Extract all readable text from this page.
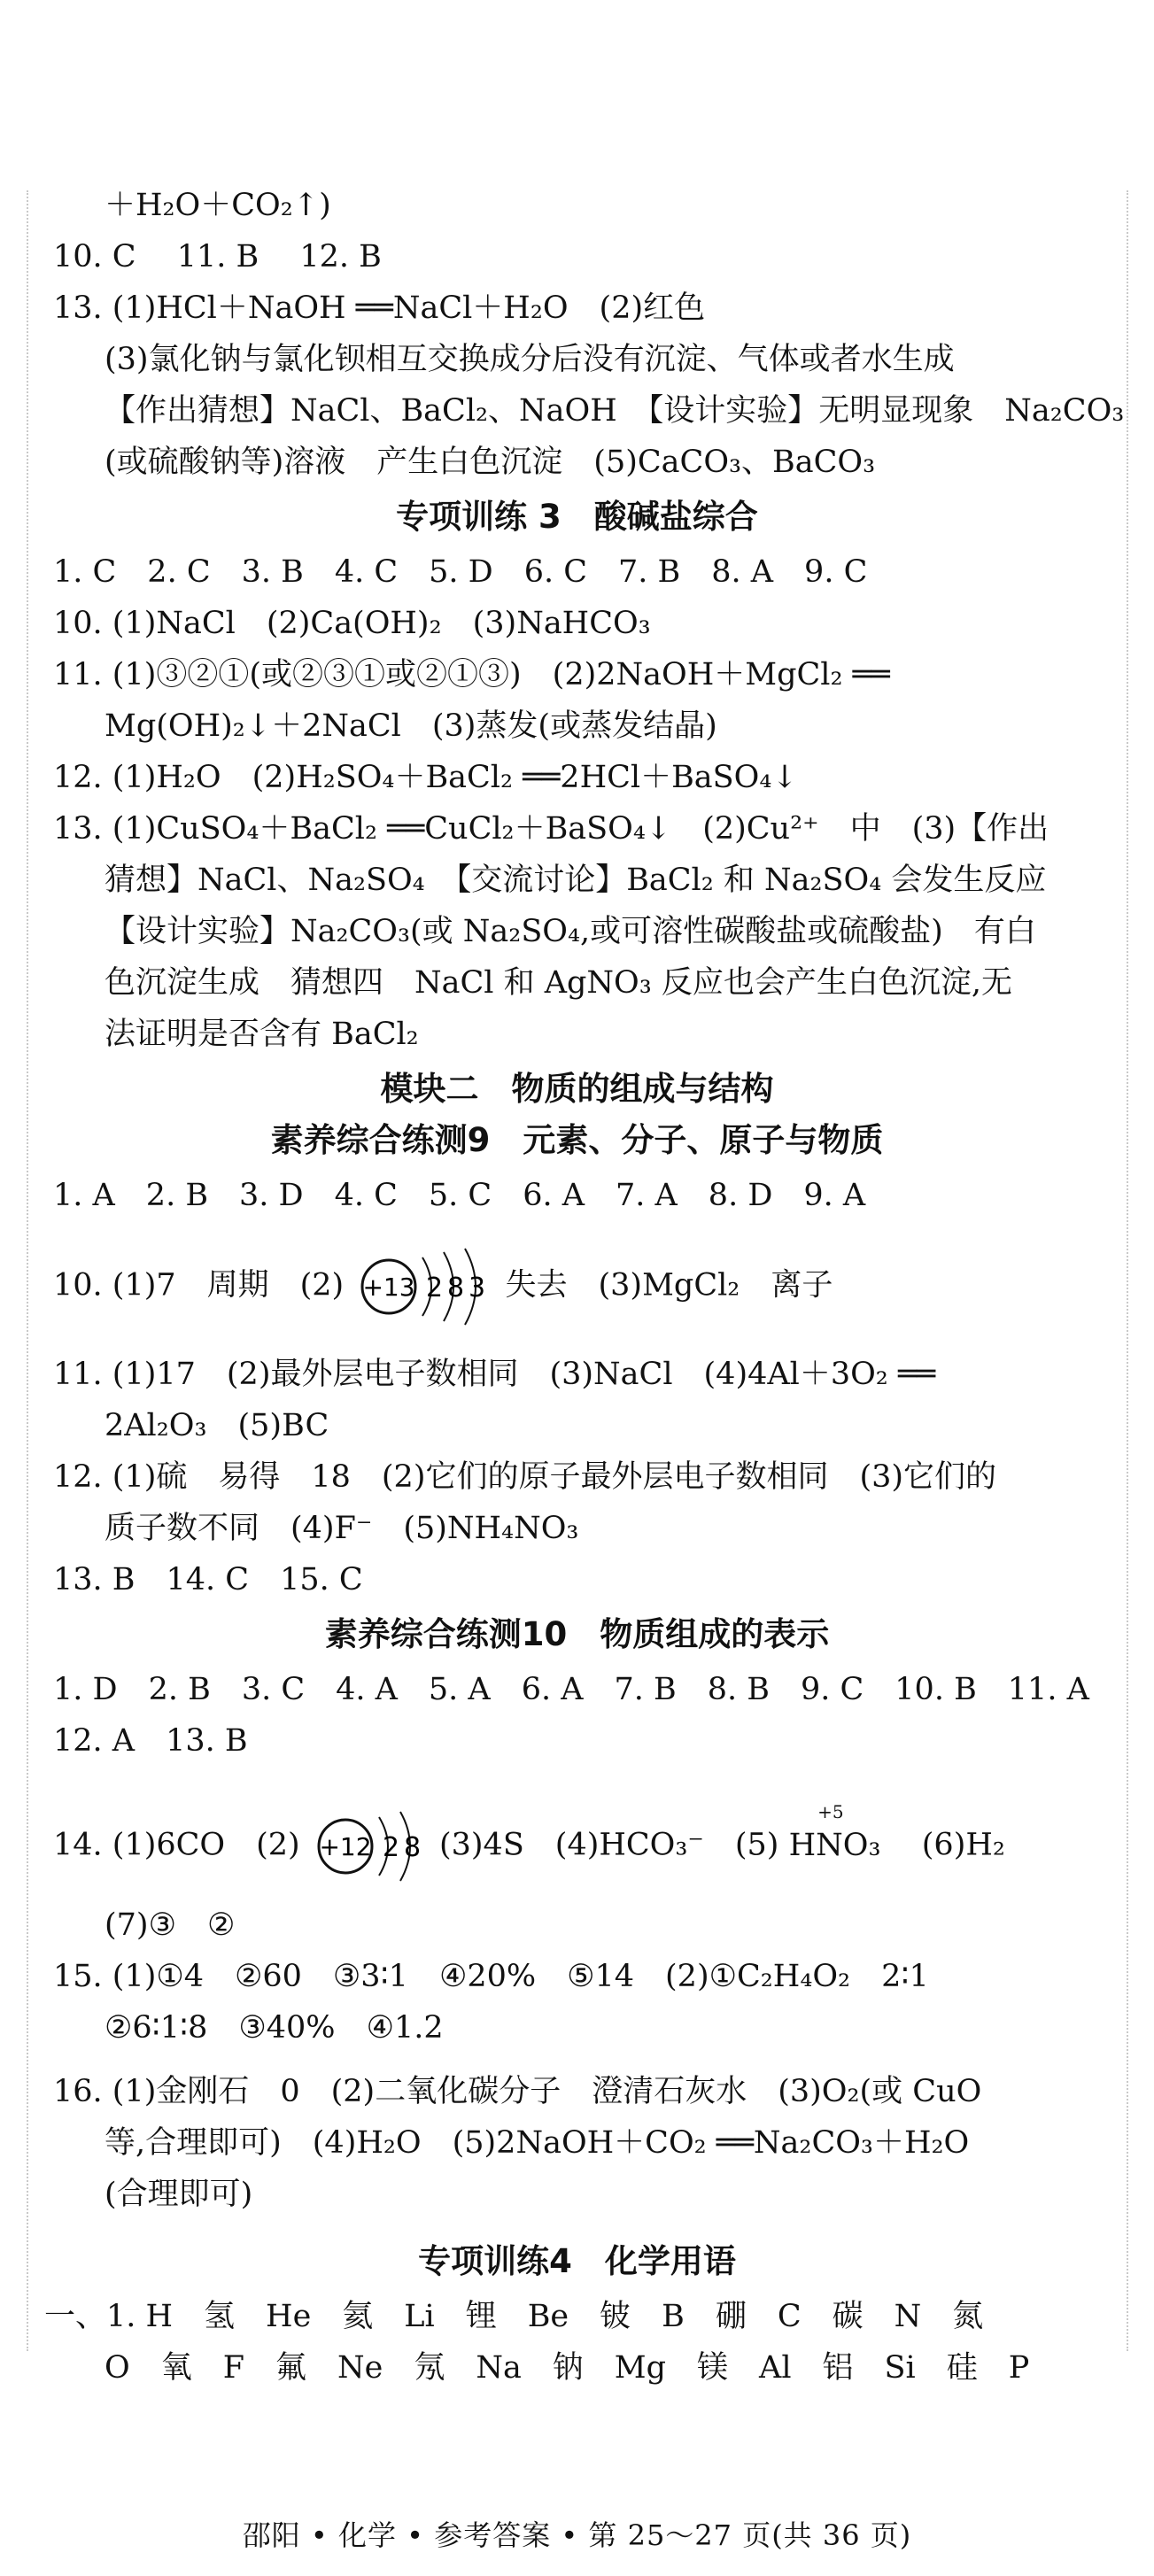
＋H₂O＋CO₂↑)
10. C　 11. B　 12. B
13. (1)HCl＋NaOH ══NaCl＋H₂O　(2)红色
(3)氯化钠与氯化钡相互交换成分后没有沉淀、气体或者水生成
【作出猜想】NaCl、BaCl₂、NaOH　【设计实验】无明显现象　Na₂CO₃
(或硫酸钠等)溶液　产生白色沉淀　(5)CaCO₃、BaCO₃
专项训练 3　酸碱盐综合
1. C　2. C　3. B　4. C　5. D　6. C　7. B　8. A　9. C
10. (1)NaCl　(2)Ca(OH)₂　(3)NaHCO₃
11. (1)③②①(或②③①或②①③)　(2)2NaOH＋MgCl₂ ══
Mg(OH)₂↓＋2NaCl　(3)蒸发(或蒸发结晶)
12. (1)H₂O　(2)H₂SO₄＋BaCl₂ ══2HCl＋BaSO₄↓
13. (1)CuSO₄＋BaCl₂ ══CuCl₂＋BaSO₄↓　(2)Cu²⁺　中　(3)【作出
猜想】NaCl、Na₂SO₄　【交流讨论】BaCl₂ 和 Na₂SO₄ 会发生反应
【设计实验】Na₂CO₃(或 Na₂SO₄,或可溶性碳酸盐或硫酸盐)　有白
色沉淀生成　猜想四　NaCl 和 AgNO₃ 反应也会产生白色沉淀,无
法证明是否含有 BaCl₂
模块二　物质的组成与结构
素养综合练测9　元素、分子、原子与物质
1. A　2. B　3. D　4. C　5. C　6. A　7. A　8. D　9. A
10. (1)7　周期　(2) +13 2 8 3 失去　(3)MgCl₂　离子
11. (1)17　(2)最外层电子数相同　(3)NaCl　(4)4Al＋3O₂ ══
2Al₂O₃　(5)BC
12. (1)硫　易得　18　(2)它们的原子最外层电子数相同　(3)它们的
质子数不同　(4)F⁻　(5)NH₄NO₃
13. B　14. C　15. C
素养综合练测10　物质组成的表示
1. D　2. B　3. C　4. A　5. A　6. A　7. B　8. B　9. C　10. B　11. A
12. A　13. B
14. (1)6CO　(2) +12 2 8 (3)4S　(4)HCO₃⁻　(5) H
+5
NO₃ (6)H₂
(7)③　②
15. (1)①4　②60　③3∶1　④20%　⑤14　(2)①C₂H₄O₂　2∶1
②6∶1∶8　③40%　④1.2
16. (1)金刚石　0　(2)二氧化碳分子　澄清石灰水　(3)O₂(或 CuO
等,合理即可)　(4)H₂O　(5)2NaOH＋CO₂ ══Na₂CO₃＋H₂O
(合理即可)
专项训练4　化学用语
一、1. H　氢　He　氦　Li　锂　Be　铍　B　硼　C　碳　N　氮
O　氧　F　氟　Ne　氖　Na　钠　Mg　镁　Al　铝　Si　硅　P
邵阳 • 化学 • 参考答案 • 第 25～27 页(共 36 页)
